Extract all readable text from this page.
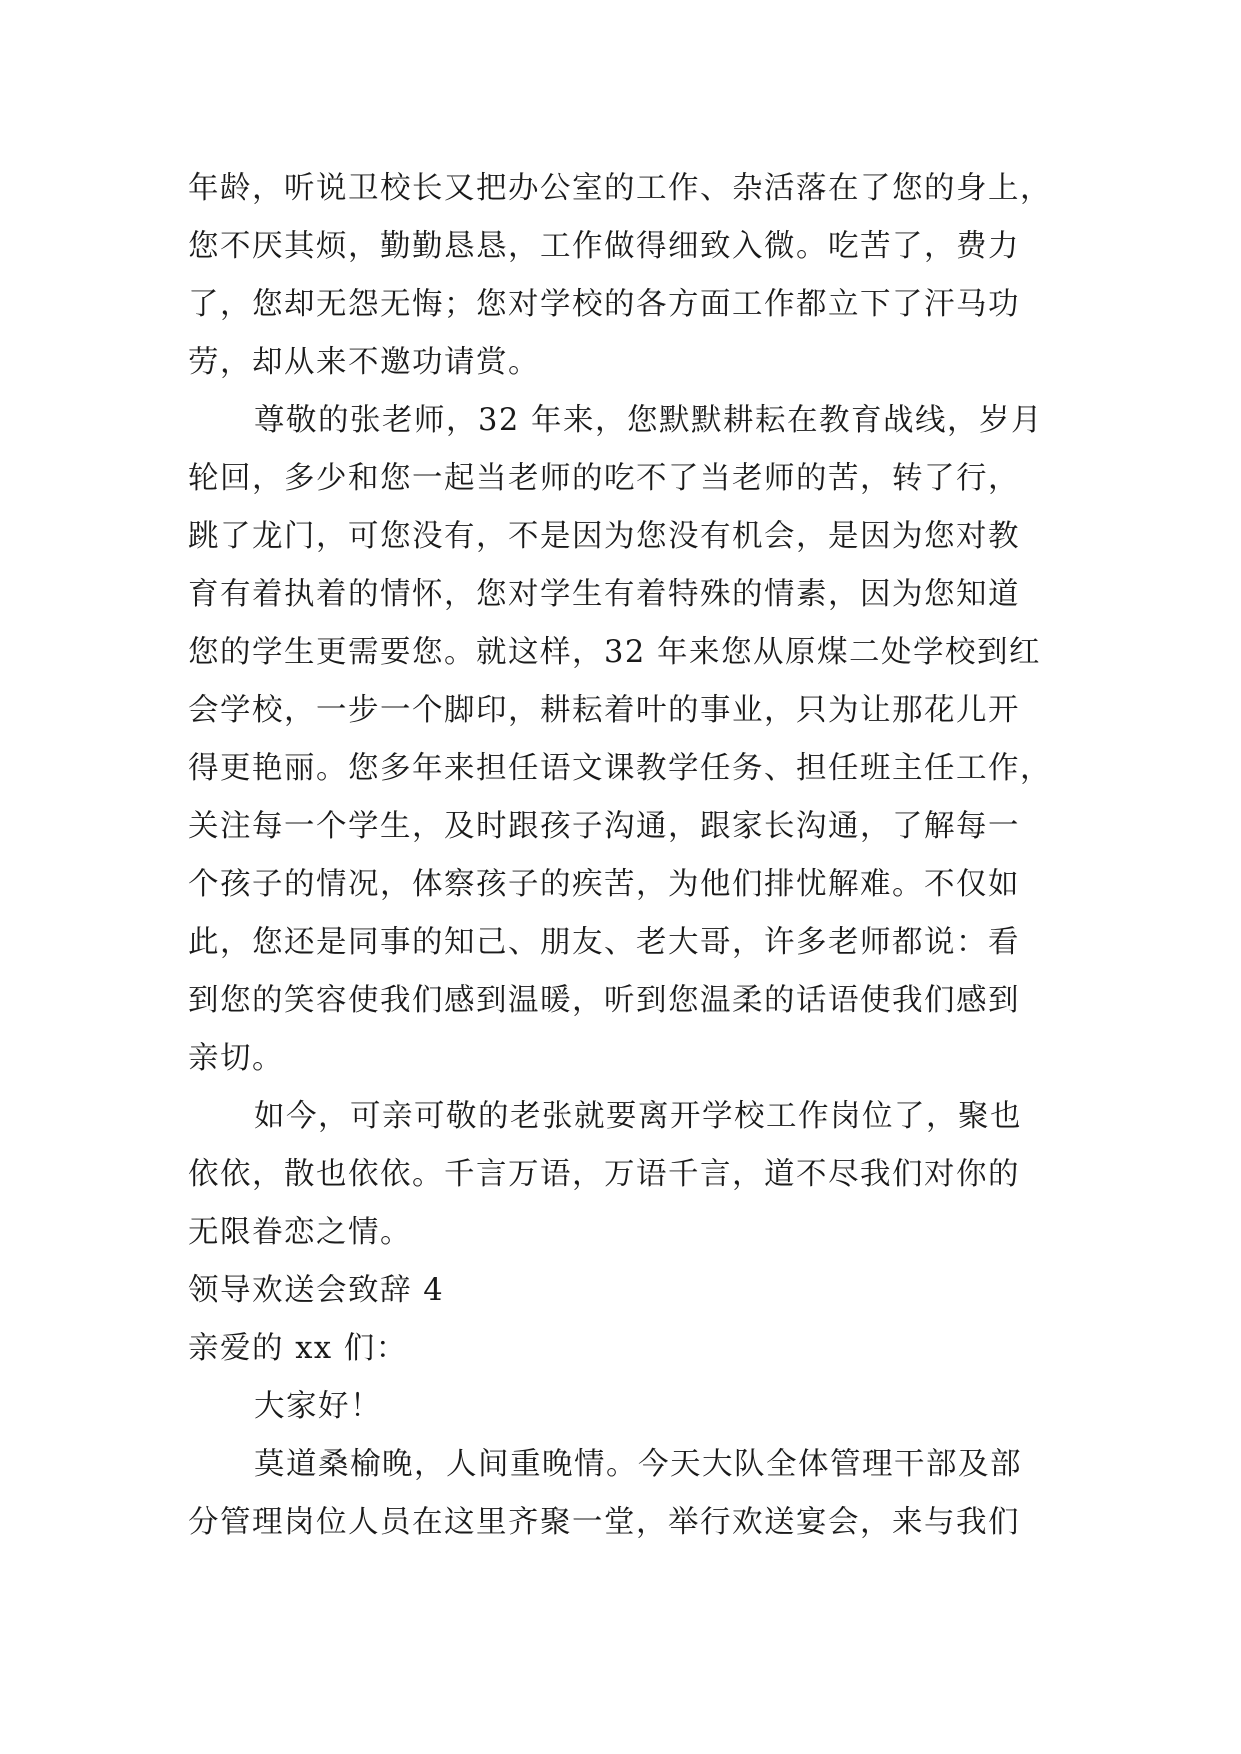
年龄，听说卫校长又把办公室的工作、杂活落在了您的身上，
您不厌其烦，勤勤恳恳，工作做得细致入微。吃苦了，费力
了，您却无怨无悔；您对学校的各方面工作都立下了汗马功
劳，却从来不邀功请赏。
尊敬的张老师，32 年来，您默默耕耘在教育战线，岁月
轮回，多少和您一起当老师的吃不了当老师的苦，转了行，
跳了龙门，可您没有，不是因为您没有机会，是因为您对教
育有着执着的情怀，您对学生有着特殊的情素，因为您知道
您的学生更需要您。就这样，32 年来您从原煤二处学校到红
会学校，一步一个脚印，耕耘着叶的事业，只为让那花儿开
得更艳丽。您多年来担任语文课教学任务、担任班主任工作，
关注每一个学生，及时跟孩子沟通，跟家长沟通，了解每一
个孩子的情况，体察孩子的疾苦，为他们排忧解难。不仅如
此，您还是同事的知己、朋友、老大哥，许多老师都说：看
到您的笑容使我们感到温暖，听到您温柔的话语使我们感到
亲切。
如今，可亲可敬的老张就要离开学校工作岗位了，聚也
依依，散也依依。千言万语，万语千言，道不尽我们对你的
无限眷恋之情。
领导欢送会致辞 4
亲爱的 xx 们：
大家好！
莫道桑榆晚，人间重晚情。今天大队全体管理干部及部
分管理岗位人员在这里齐聚一堂，举行欢送宴会，来与我们
